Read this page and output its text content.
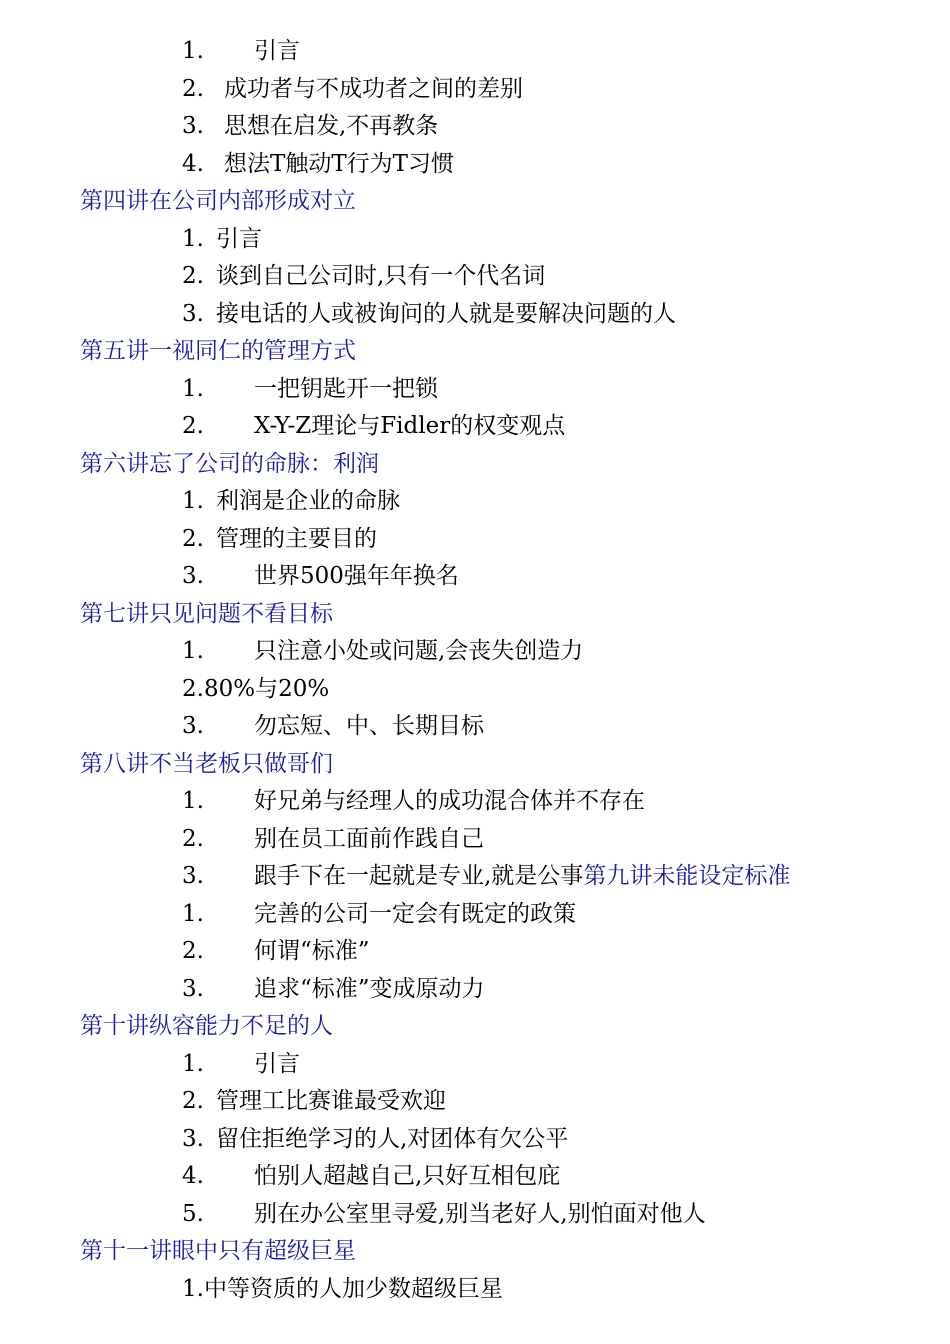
1. 引言
2. 成功者与不成功者之间的差别
3. 思想在启发,不再教条
4. 想法T触动T行为T习惯
第四讲在公司内部形成对立
1. 引言
2. 谈到自己公司时,只有一个代名词
3. 接电话的人或被询问的人就是要解决问题的人
第五讲一视同仁的管理方式
1. 一把钥匙开一把锁
2. X-Y-Z理论与Fidler的权变观点
第六讲忘了公司的命脉：利润
1. 利润是企业的命脉
2. 管理的主要目的
3. 世界500强年年换名
第七讲只见问题不看目标
1. 只注意小处或问题,会丧失创造力
2.80%与20%
3. 勿忘短、中、长期目标
第八讲不当老板只做哥们
1. 好兄弟与经理人的成功混合体并不存在
2. 别在员工面前作践自己
3. 跟手下在一起就是专业,就是公事第九讲未能设定标准
1. 完善的公司一定会有既定的政策
2. 何谓“标准”
3. 追求“标准”变成原动力
第十讲纵容能力不足的人
1. 引言
2. 管理工比赛谁最受欢迎
3. 留住拒绝学习的人,对团体有欠公平
4. 怕别人超越自己,只好互相包庇
5. 别在办公室里寻爱,别当老好人,别怕面对他人
第十一讲眼中只有超级巨星
1.中等资质的人加少数超级巨星
